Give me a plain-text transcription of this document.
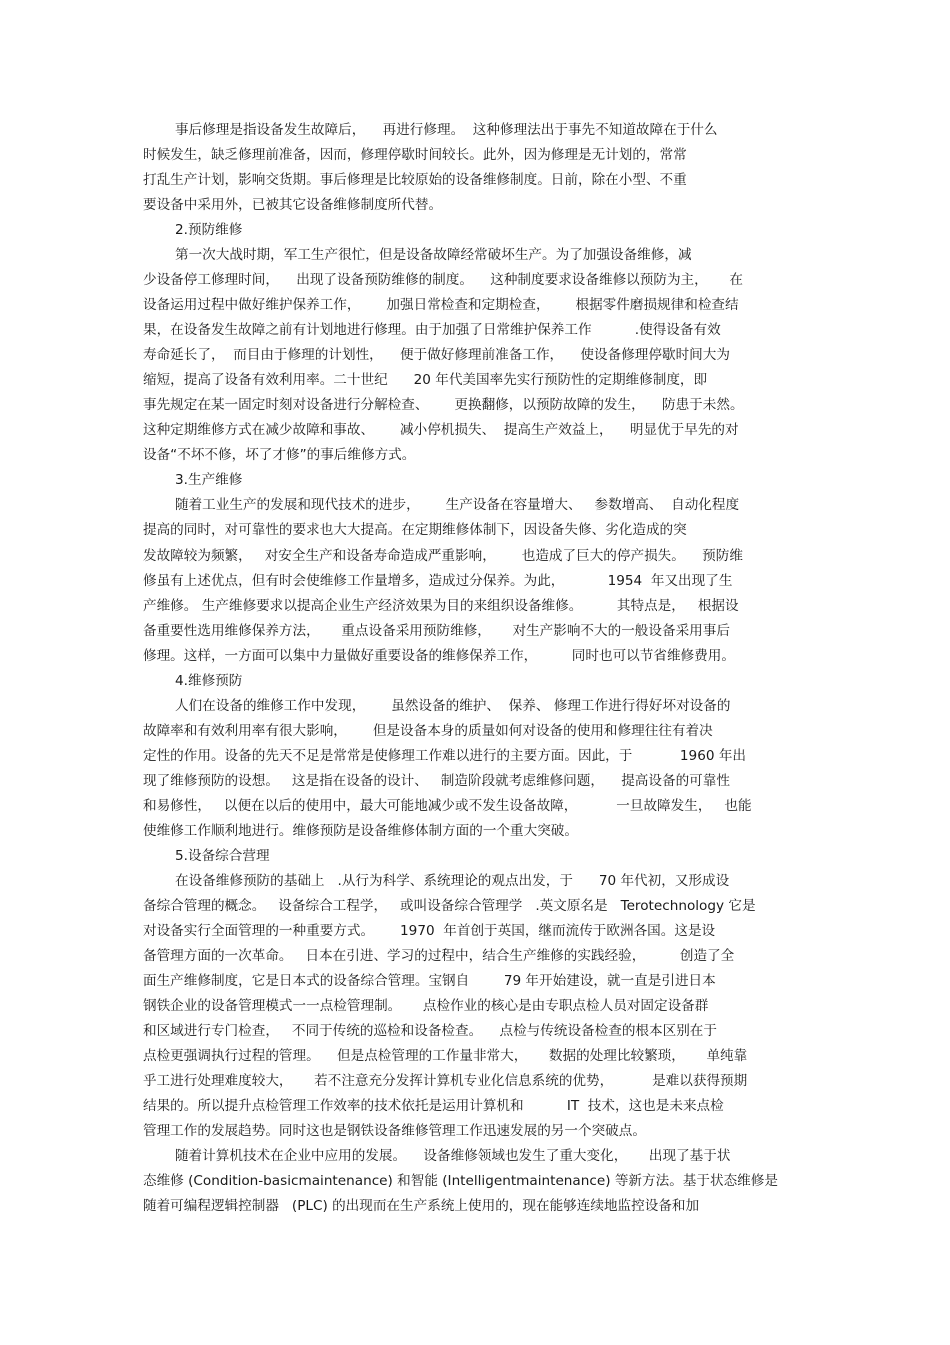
事后修理是指设备发生故障后，    再进行修理。  这种修理法出于事先不知道故障在于什么
时候发生，缺乏修理前准备，因而，修理停歇时间较长。此外，因为修理是无计划的，常常
打乱生产计划，影响交货期。事后修理是比较原始的设备维修制度。日前，除在小型、不重
要设备中采用外，已被其它设备维修制度所代替。
2.预防维修
第一次大战时期，军工生产很忙，但是设备故障经常破坏生产。为了加强设备维修，减
少设备停工修理时间，    出现了设备预防维修的制度。    这种制度要求设备维修以预防为主，     在
设备运用过程中做好维护保养工作，      加强日常检查和定期检查，      根据零件磨损规律和检查结
果，在设备发生故障之前有计划地进行修理。由于加强了日常维护保养工作          .使得设备有效
寿命延长了，  而目由于修理的计划性，    便于做好修理前准备工作，    使设备修理停歇时间大为
缩短，提高了设备有效利用率。二十世纪      20 年代美国率先实行预防性的定期维修制度，即
事先规定在某一固定时刻对设备进行分解检查、      更换翻修，以预防故障的发生，    防患于未然。
这种定期维修方式在减少故障和事故、      减小停机损失、  提高生产效益上，    明显优于早先的对
设备“不坏不修，坏了才修”的事后维修方式。
3.生产维修
随着工业生产的发展和现代技术的进步，      生产设备在容量增大、   参数增高、  自动化程度
提高的同时，对可靠性的要求也大大提高。在定期维修体制下，因设备失修、劣化造成的突
发故障较为频繁，   对安全生产和设备寿命造成严重影响，      也造成了巨大的停产损失。    预防维
修虽有上述优点，但有时会使维修工作量增多，造成过分保养。为此，          1954  年又出现了生
产维修。 生产维修要求以提高企业生产经济效果为目的来组织设备维修。        其特点是，   根据设
备重要性选用维修保养方法，     重点设备采用预防维修，     对生产影响不大的一般设备采用事后
修理。这样，一方面可以集中力量做好重要设备的维修保养工作，        同时也可以节省维修费用。
4.维修预防
人们在设备的维修工作中发现，      虽然设备的维护、  保养、 修理工作进行得好坏对设备的
故障率和有效利用率有很大影响，      但是设备本身的质量如何对设备的使用和修理往往有着决
定性的作用。设备的先天不足是常常是使修理工作难以进行的主要方面。因此，于           1960 年出
现了维修预防的设想。   这是指在设备的设计、   制造阶段就考虑维修问题，    提高设备的可靠性
和易修性，   以便在以后的使用中，最大可能地减少或不发生设备故障，         一旦故障发生，   也能
使维修工作顺利地进行。维修预防是设备维修体制方面的一个重大突破。
5.设备综合营理
在设备维修预防的基础上   .从行为科学、系统理论的观点出发，于      70 年代初，又形成设
备综合管理的概念。   设备综合工程学，   或叫设备综合管理学   .英文原名是   Terotechnology 它是
对设备实行全面管理的一种重要方式。      1970  年首创于英国，继而流传于欧洲各国。这是设
备管理方面的一次革命。   日本在引进、学习的过程中，结合生产维修的实践经验，        创造了全
面生产维修制度，它是日本式的设备综合管理。宝钢自        79 年开始建设，就一直是引进日本
钢铁企业的设备管理模式一一点检管理制。     点检作业的核心是由专职点检人员对固定设备群
和区域进行专门检查，   不同于传统的巡检和设备检查。    点检与传统设备检查的根本区别在于
点检更强调执行过程的管理。    但是点检管理的工作量非常大，     数据的处理比较繁琐，     单纯靠
乎工进行处理难度较大，     若不注意充分发挥计算机专业化信息系统的优势，         是难以获得预期
结果的。所以提升点检管理工作效率的技术依托是运用计算机和          IT  技术，这也是未来点检
管理工作的发展趋势。同时这也是钢铁设备维修管理工作迅速发展的另一个突破点。
随着计算机技术在企业中应用的发展。    设备维修领域也发生了重大变化，     出现了基于状
态维修 (Condition-basicmaintenance) 和智能 (Intelligentmaintenance) 等新方法。基于状态维修是
随着可编程逻辑控制器   (PLC) 的出现而在生产系统上使用的，现在能够连续地监控设备和加
